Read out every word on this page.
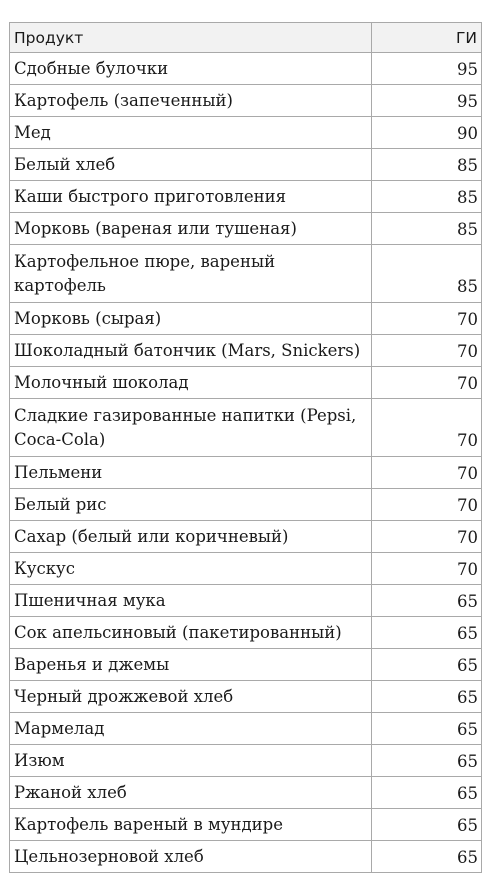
Продукт	ГИ
Сдобные булочки	95
Картофель (запеченный)	95
Мед	90
Белый хлеб	85
Каши быстрого приготовления	85
Морковь (вареная или тушеная)	85
Картофельное пюре, вареный картофель	85
Морковь (сырая)	70
Шоколадный батончик (Mars, Snickers)	70
Молочный шоколад	70
Сладкие газированные напитки (Pepsi, Coca-Cola)	70
Пельмени	70
Белый рис	70
Сахар (белый или коричневый)	70
Кускус	70
Пшеничная мука	65
Сок апельсиновый (пакетированный)	65
Варенья и джемы	65
Черный дрожжевой хлеб	65
Мармелад	65
Изюм	65
Ржаной хлеб	65
Картофель вареный в мундире	65
Цельнозерновой хлеб	65
